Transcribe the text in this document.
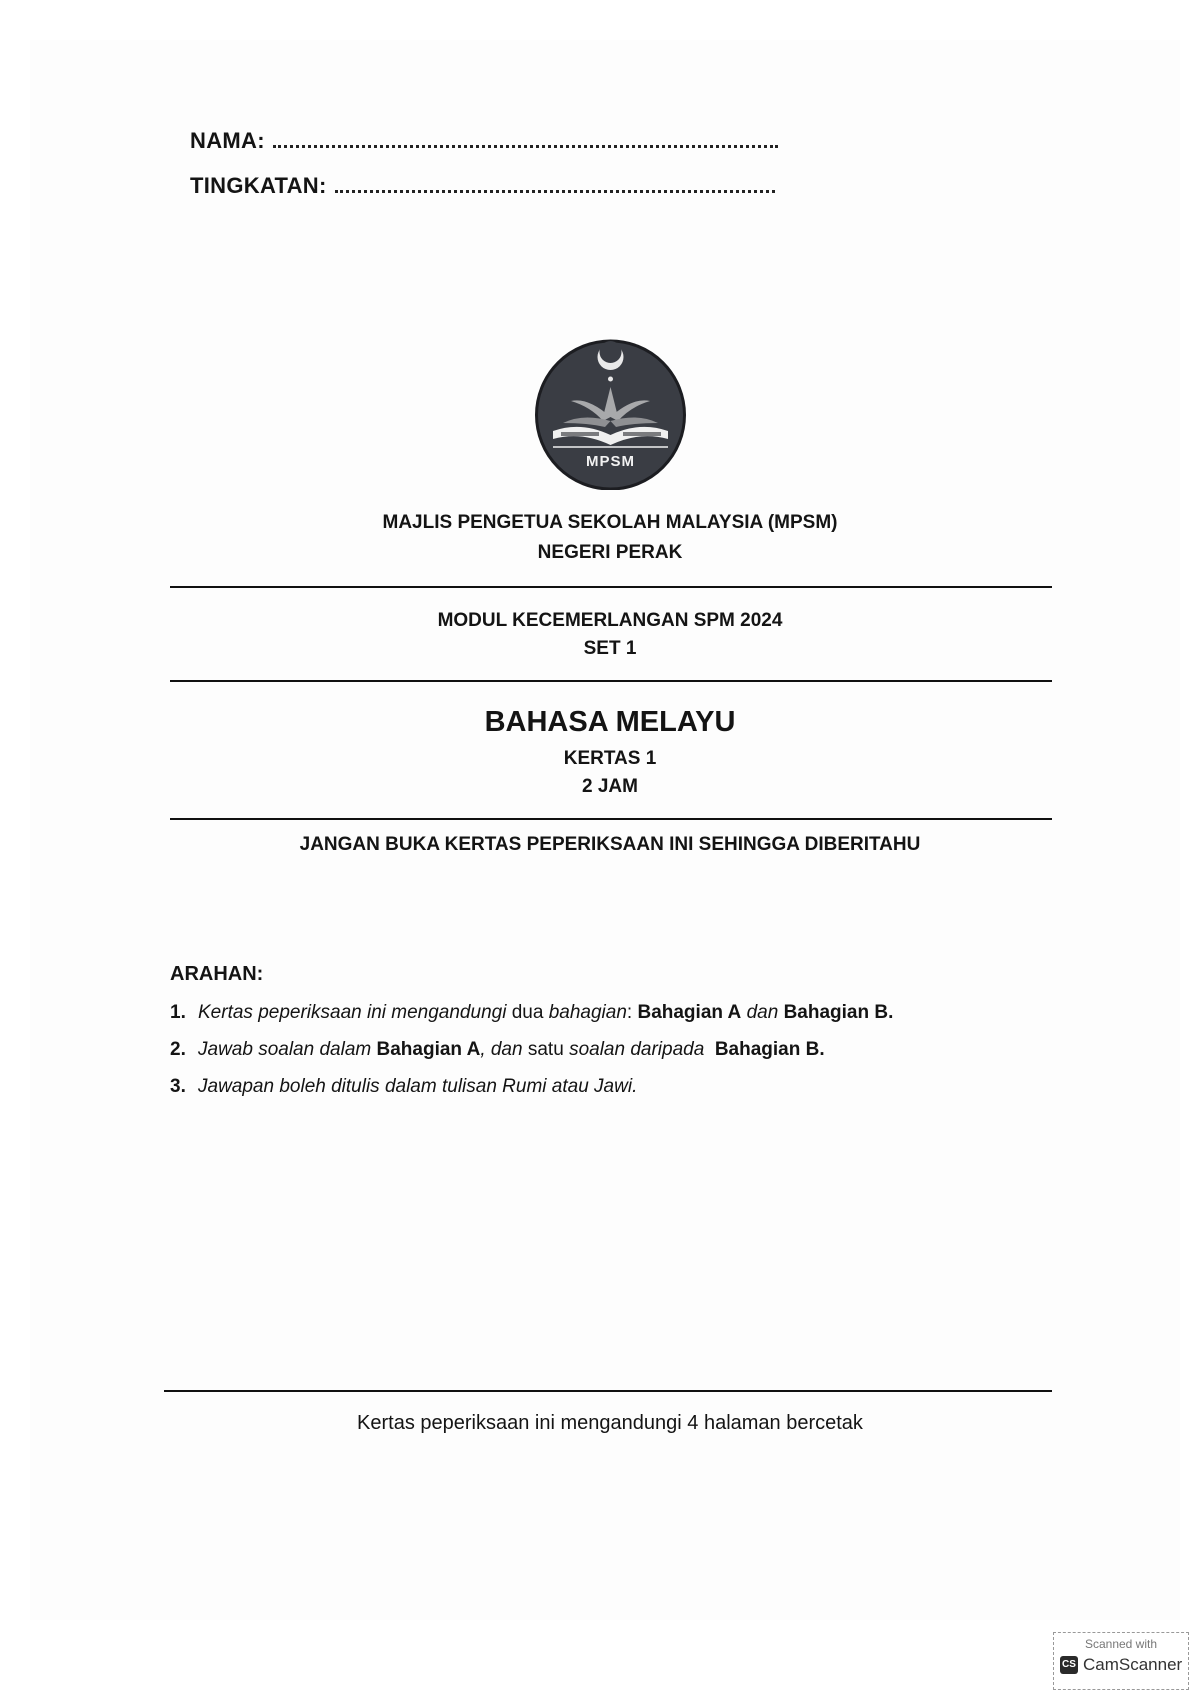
NAMA:
TINGKATAN:
MPSM
MAJLIS PENGETUA SEKOLAH MALAYSIA (MPSM)
NEGERI PERAK
MODUL KECEMERLANGAN SPM 2024
SET 1
BAHASA MELAYU
KERTAS 1
2 JAM
JANGAN BUKA KERTAS PEPERIKSAAN INI SEHINGGA DIBERITAHU
ARAHAN:
1. Kertas peperiksaan ini mengandungi dua bahagian: Bahagian A dan Bahagian B.
2. Jawab soalan dalam Bahagian A, dan satu soalan daripada  Bahagian B.
3. Jawapan boleh ditulis dalam tulisan Rumi atau Jawi.
Kertas peperiksaan ini mengandungi 4 halaman bercetak
Scanned with
CS CamScanner
